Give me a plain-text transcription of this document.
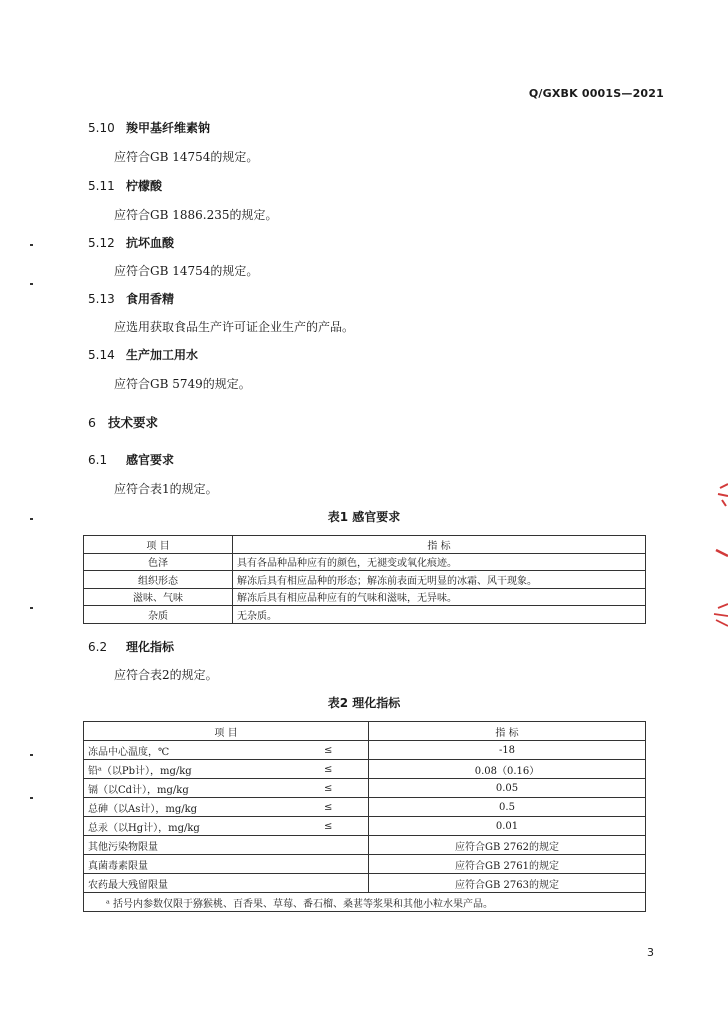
Q/GXBK 0001S—2021
5.10 羧甲基纤维素钠
应符合GB 14754的规定。
5.11 柠檬酸
应符合GB 1886.235的规定。
5.12 抗坏血酸
应符合GB 14754的规定。
5.13 食用香精
应选用获取食品生产许可证企业生产的产品。
5.14 生产加工用水
应符合GB 5749的规定。
6 技术要求
6.1 感官要求
应符合表1的规定。
表1 感官要求
项 目	指 标
色泽	具有各品种品种应有的颜色，无褪变或氧化痕迹。
组织形态	解冻后具有相应品种的形态；解冻前表面无明显的冰霜、风干现象。
滋味、气味	解冻后具有相应品种应有的气味和滋味，无异味。
杂质	无杂质。
6.2 理化指标
应符合表2的规定。
表2 理化指标
项 目		指 标
冻品中心温度，℃	≤	-18
铅ᵃ（以Pb计），mg/kg	≤	0.08（0.16）
镉（以Cd计），mg/kg	≤	0.05
总砷（以As计），mg/kg	≤	0.5
总汞（以Hg计），mg/kg	≤	0.01
其他污染物限量		应符合GB 2762的规定
真菌毒素限量		应符合GB 2761的规定
农药最大残留限量		应符合GB 2763的规定
ᵃ 括号内参数仅限于猕猴桃、百香果、草莓、番石榴、桑葚等浆果和其他小粒水果产品。		
3
